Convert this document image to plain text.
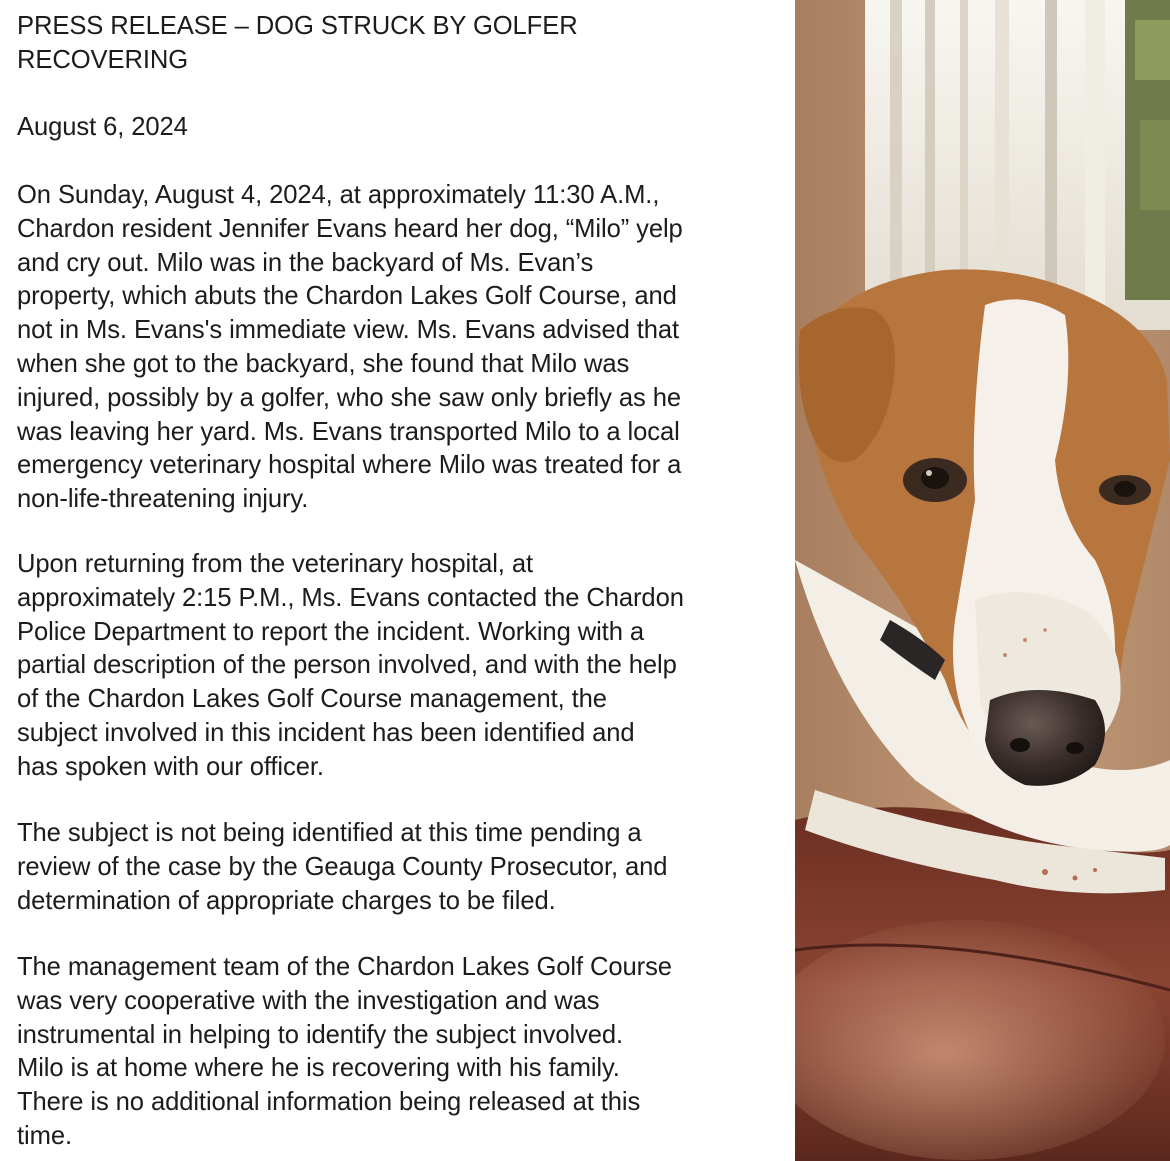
PRESS RELEASE – DOG STRUCK BY GOLFER
RECOVERING

August 6, 2024

On Sunday, August 4, 2024, at approximately 11:30 A.M.,
Chardon resident Jennifer Evans heard her dog, “Milo” yelp
and cry out. Milo was in the backyard of Ms. Evan’s
property, which abuts the Chardon Lakes Golf Course, and
not in Ms. Evans's immediate view. Ms. Evans advised that
when she got to the backyard, she found that Milo was
injured, possibly by a golfer, who she saw only briefly as he
was leaving her yard. Ms. Evans transported Milo to a local
emergency veterinary hospital where Milo was treated for a
non-life-threatening injury.

Upon returning from the veterinary hospital, at
approximately 2:15 P.M., Ms. Evans contacted the Chardon
Police Department to report the incident. Working with a
partial description of the person involved, and with the help
of the Chardon Lakes Golf Course management, the
subject involved in this incident has been identified and
has spoken with our officer.

The subject is not being identified at this time pending a
review of the case by the Geauga County Prosecutor, and
determination of appropriate charges to be filed.

The management team of the Chardon Lakes Golf Course
was very cooperative with the investigation and was
instrumental in helping to identify the subject involved.
Milo is at home where he is recovering with his family.
There is no additional information being released at this
time.
